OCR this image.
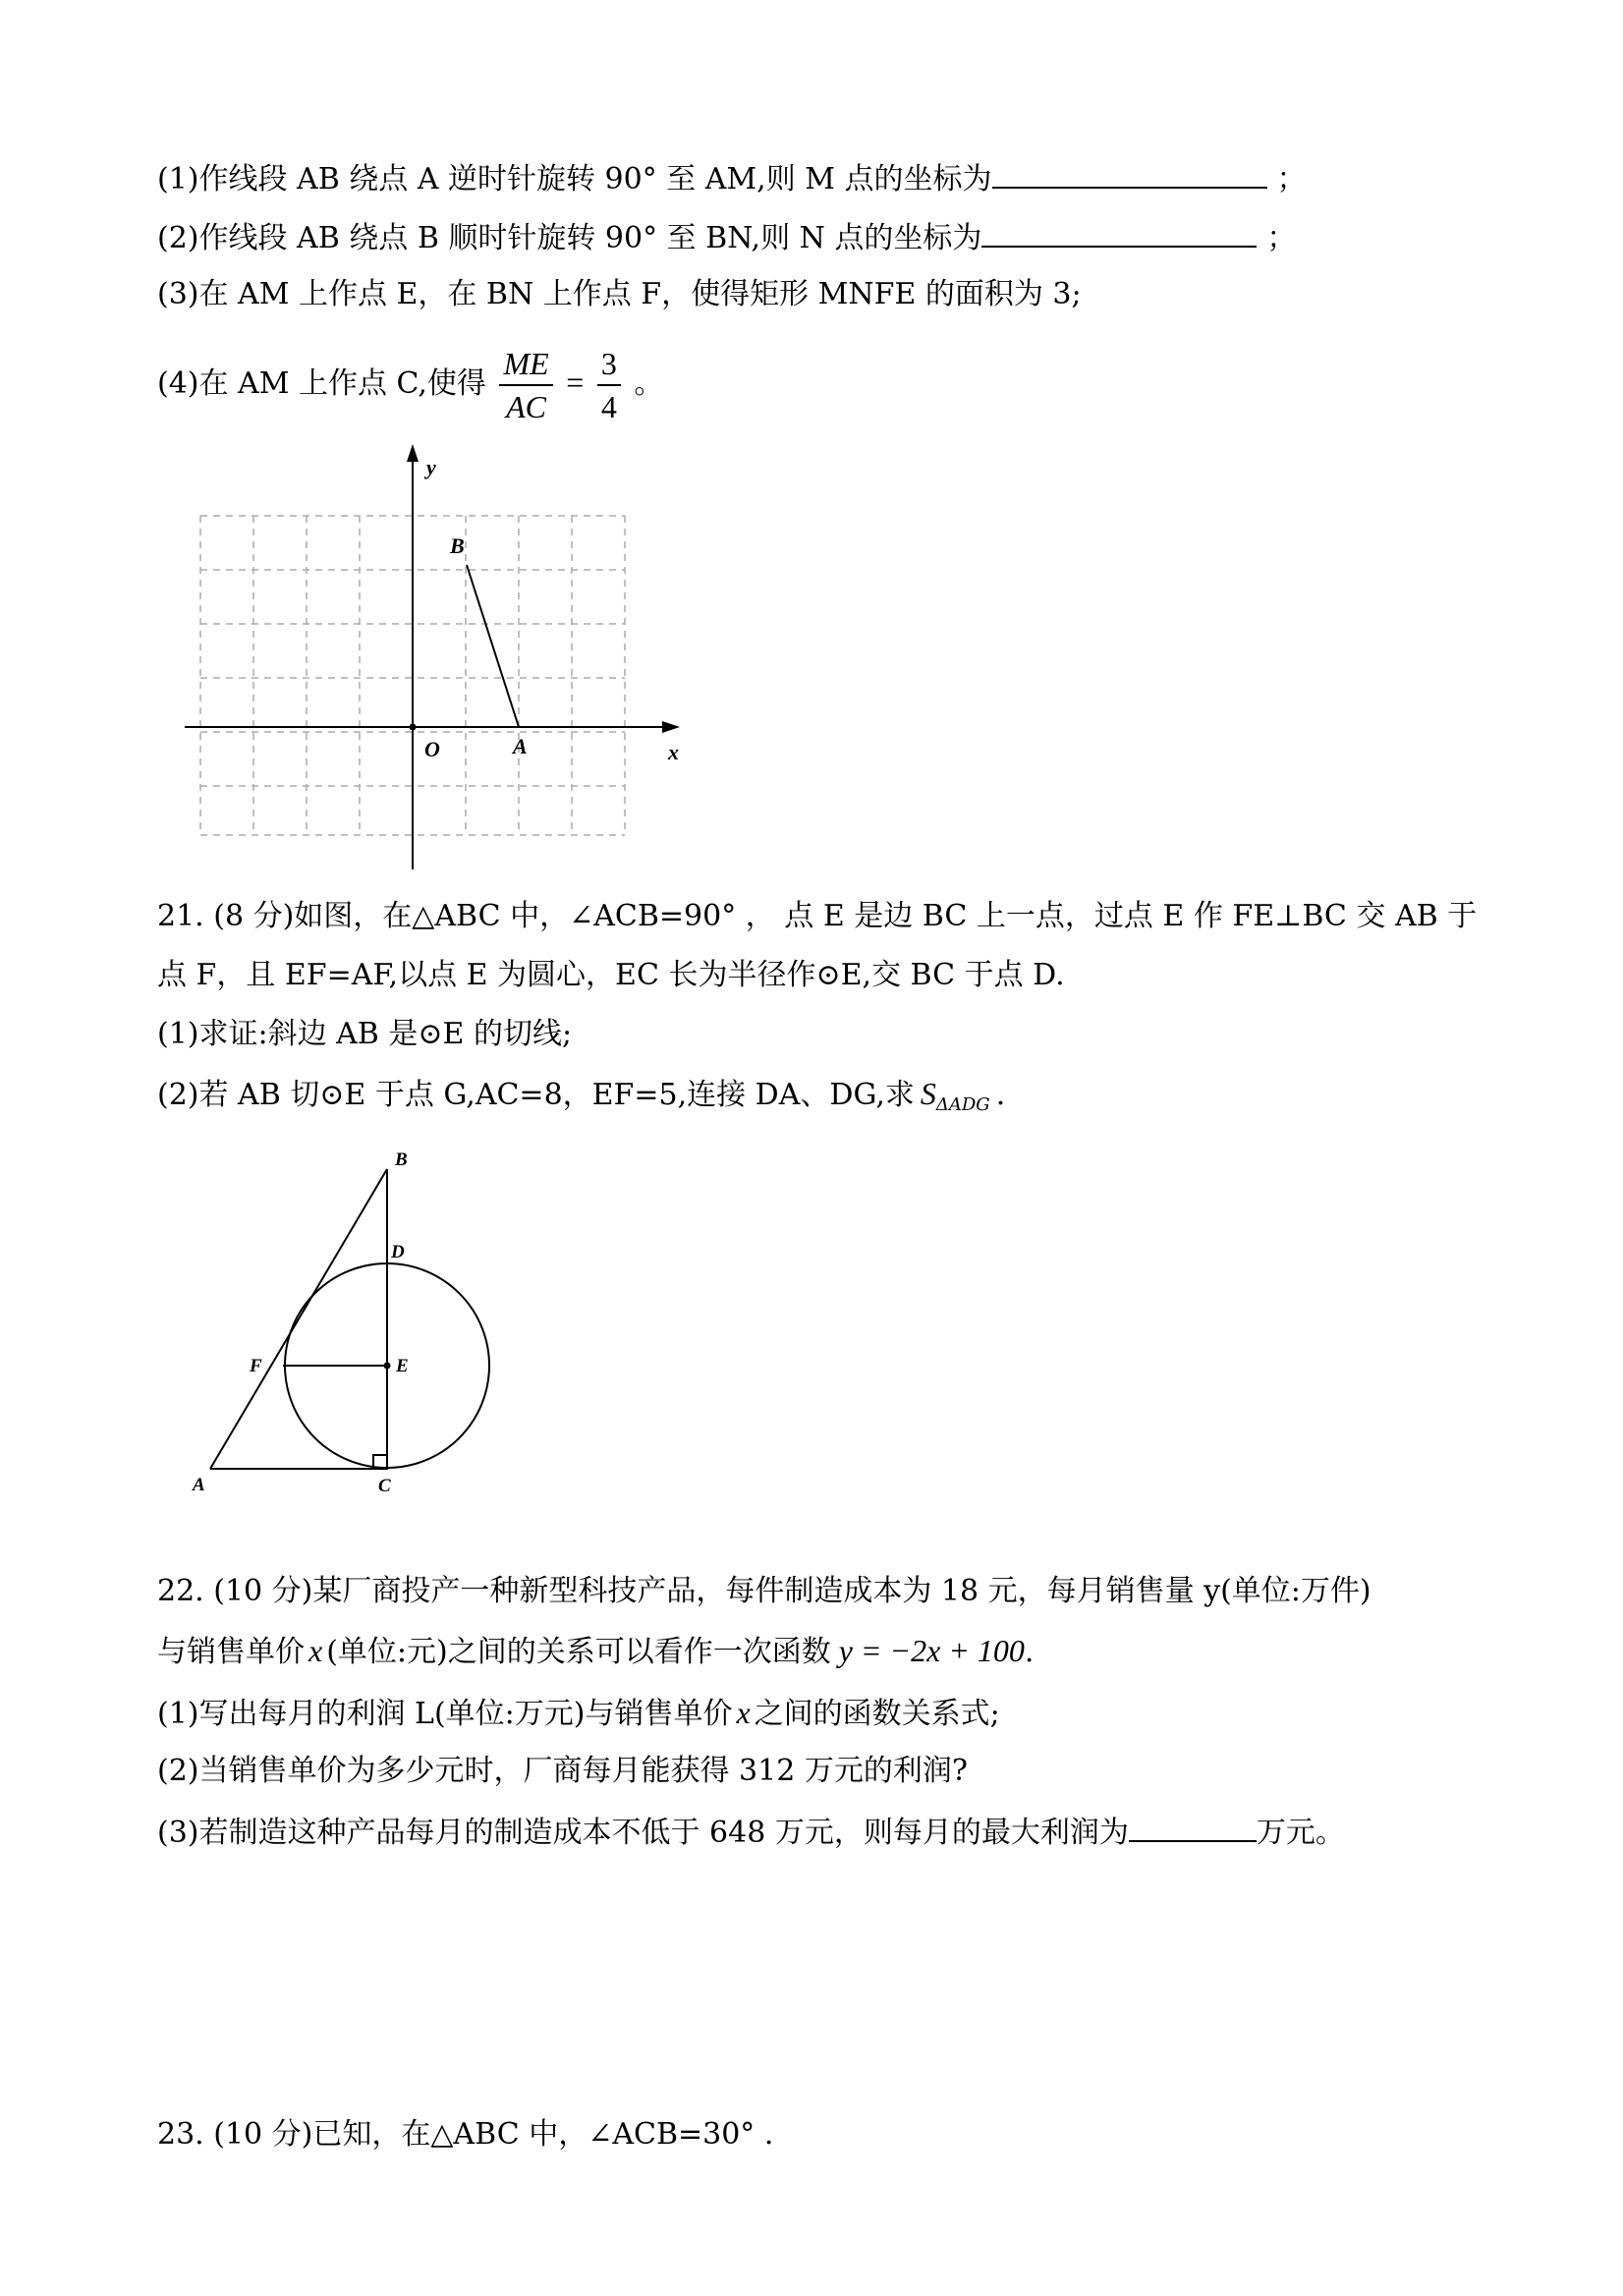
(1)作线段 AB 绕点 A 逆时针旋转 90° 至 AM,则 M 点的坐标为	；
(2)作线段 AB 绕点 B 顺时针旋转 90° 至 BN,则 N 点的坐标为	；
(3)在 AM 上作点 E，在 BN 上作点 F，使得矩形 MNFE 的面积为 3;
(4)在 AM 上作点 C,使得 $\frac{ME}{AC} = \frac{3}{4}$ 。
y
x
O	A
B
21. (8 分)如图，在△ABC 中，∠ACB=90° ， 点 E 是边 BC 上一点，过点 E 作 FE⊥BC 交 AB 于
点 F，且 EF=AF,以点 E 为圆心，EC 长为半径作⊙E,交 BC 于点 D.
(1)求证:斜边 AB 是⊙E 的切线;
(2)若 AB 切⊙E 于点 G,AC=8，EF=5,连接 DA、DG,求 $S_{\Delta ADG}$ .
A
B
C
D
E
F
22. (10 分)某厂商投产一种新型科技产品，每件制造成本为 18 元，每月销售量 y(单位:万件)
与销售单价 x (单位:元)之间的关系可以看作一次函数 y = −2x + 100.
(1)写出每月的利润 L(单位:万元)与销售单价 x 之间的函数关系式;
(2)当销售单价为多少元时，厂商每月能获得 312 万元的利润?
(3)若制造这种产品每月的制造成本不低于 648 万元，则每月的最大利润为	万元。
23. (10 分)已知，在△ABC 中，∠ACB=30° .
